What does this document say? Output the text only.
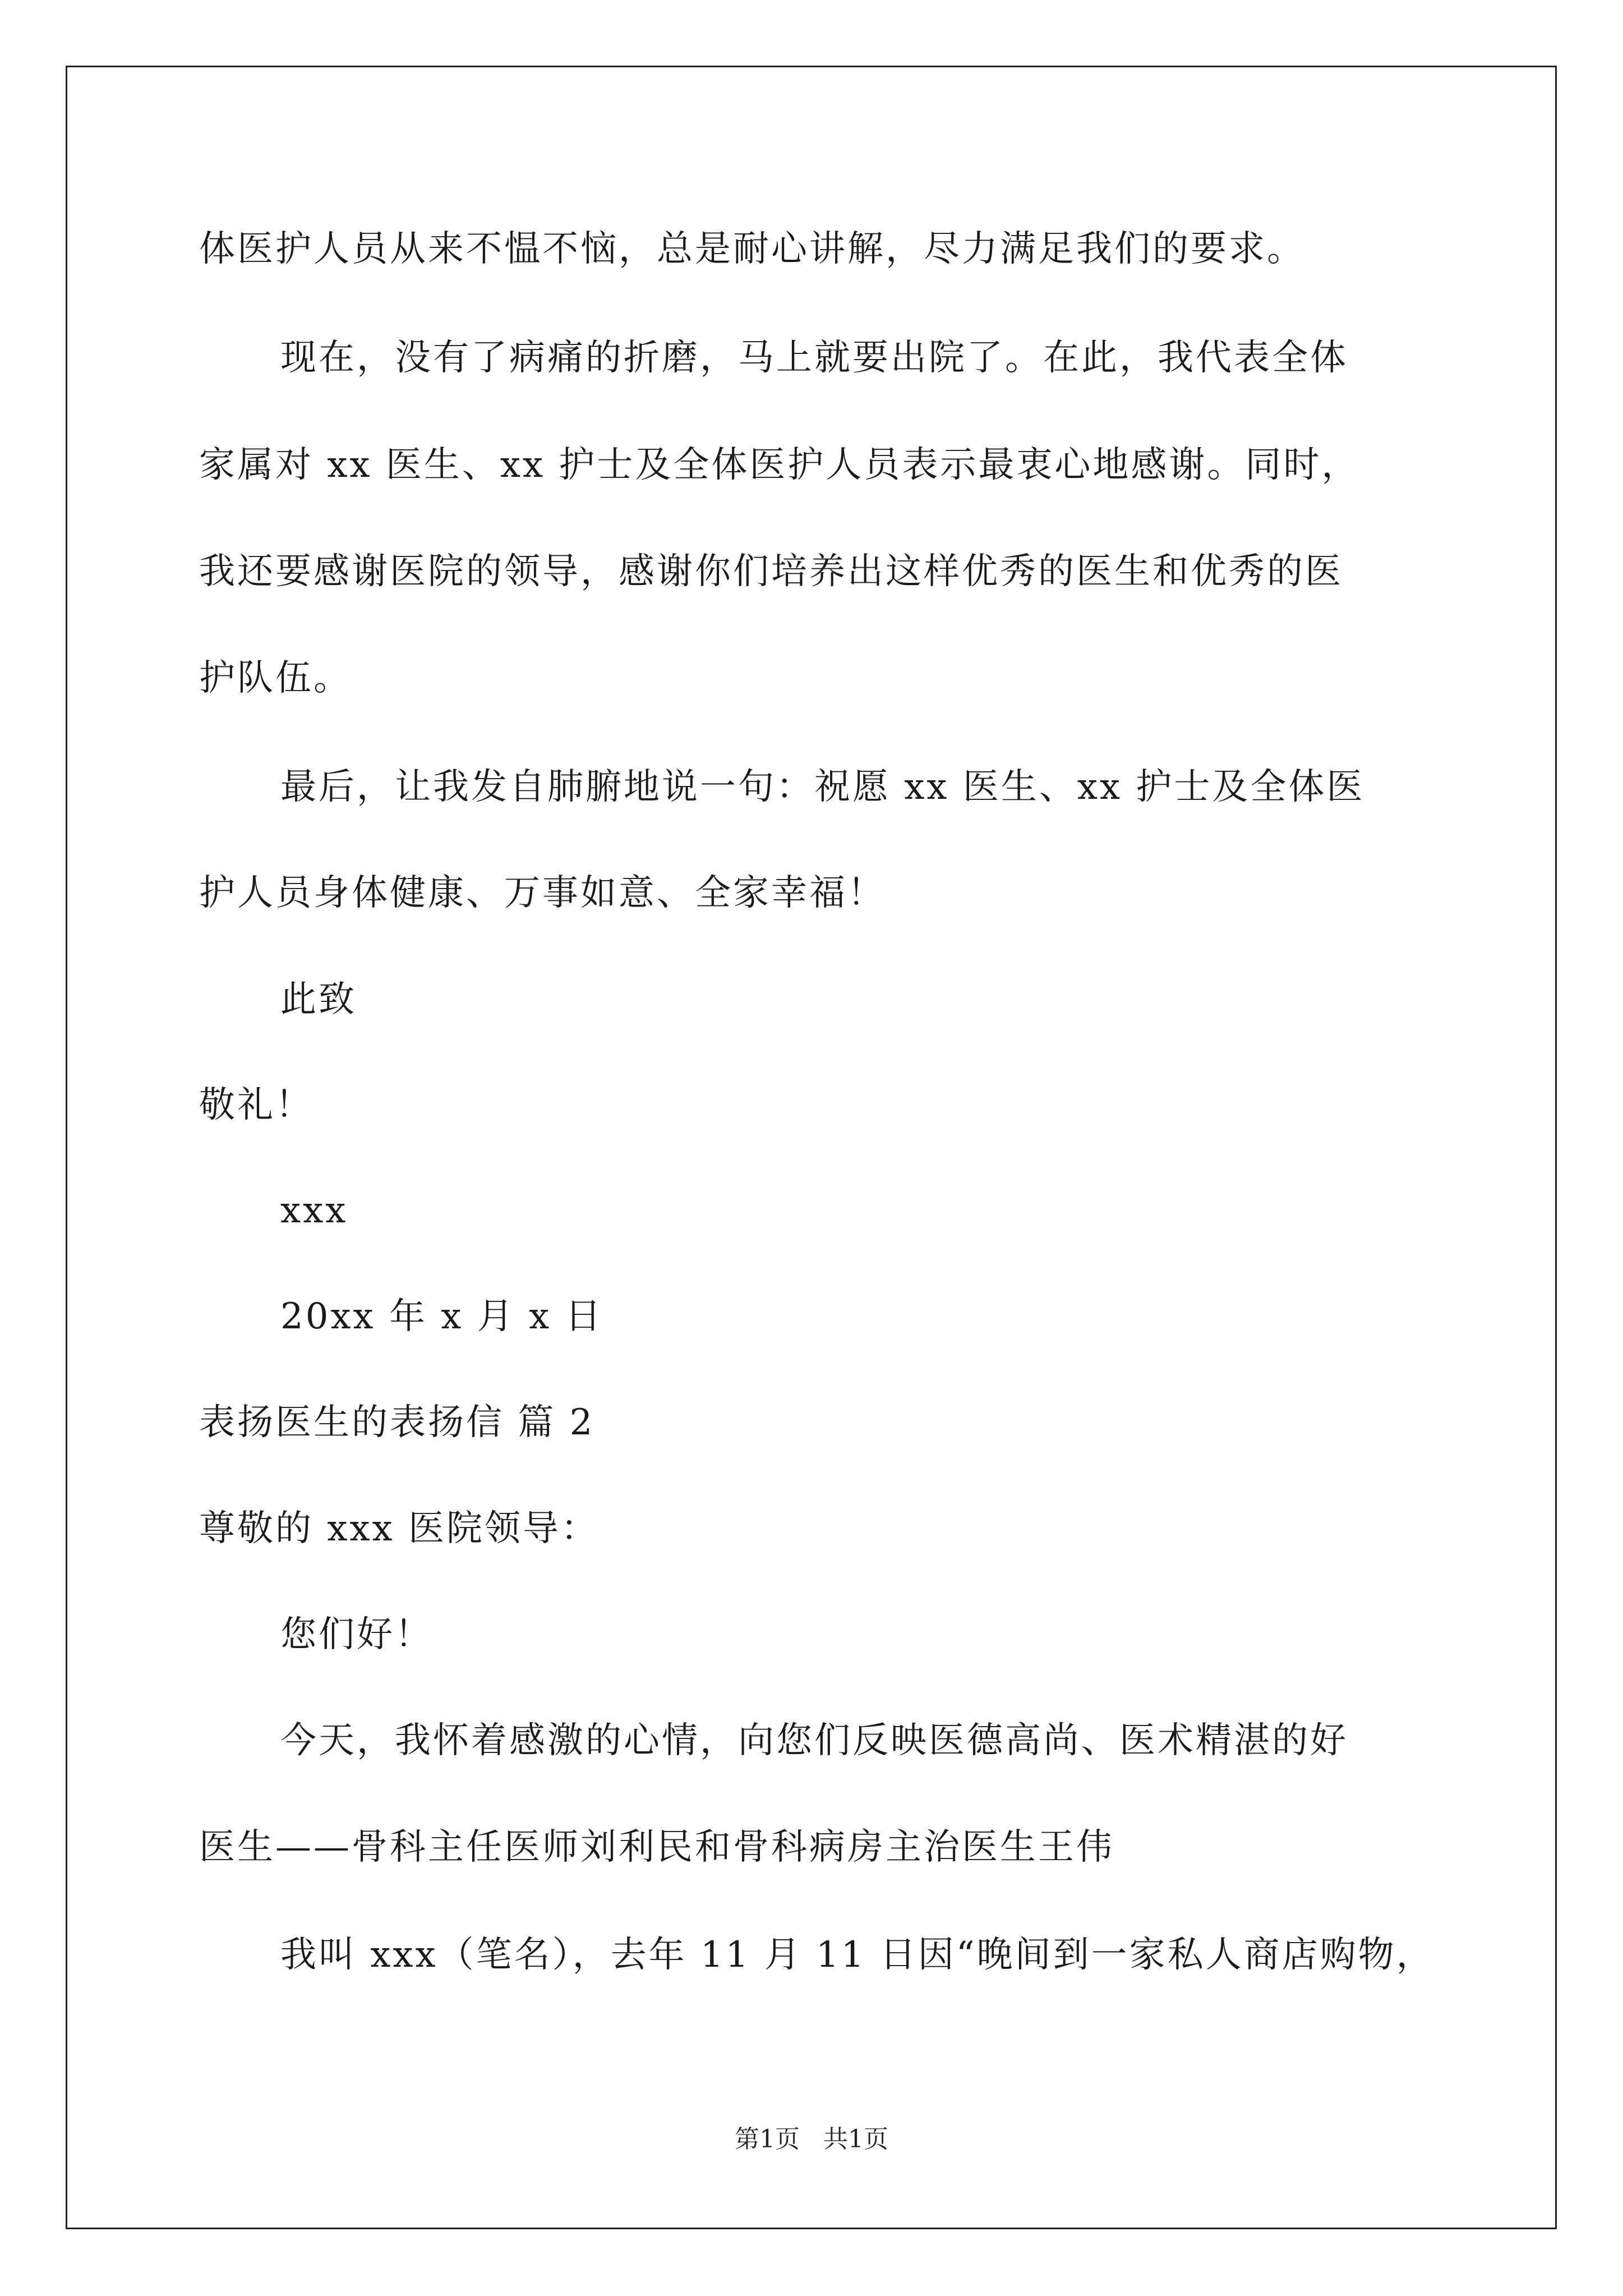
体医护人员从来不愠不恼，总是耐心讲解，尽力满足我们的要求。
现在，没有了病痛的折磨，马上就要出院了。在此，我代表全体
家属对 xx 医生、xx 护士及全体医护人员表示最衷心地感谢。同时，
我还要感谢医院的领导，感谢你们培养出这样优秀的医生和优秀的医
护队伍。
最后，让我发自肺腑地说一句：祝愿 xx 医生、xx 护士及全体医
护人员身体健康、万事如意、全家幸福！
此致
敬礼！
xxx
20xx 年 x 月 x 日
表扬医生的表扬信 篇 2
尊敬的 xxx 医院领导：
您们好！
今天，我怀着感激的心情，向您们反映医德高尚、医术精湛的好
医生——骨科主任医师刘利民和骨科病房主治医生王伟
我叫 xxx（笔名），去年 11 月 11 日因“晚间到一家私人商店购物，
第1页 共1页
